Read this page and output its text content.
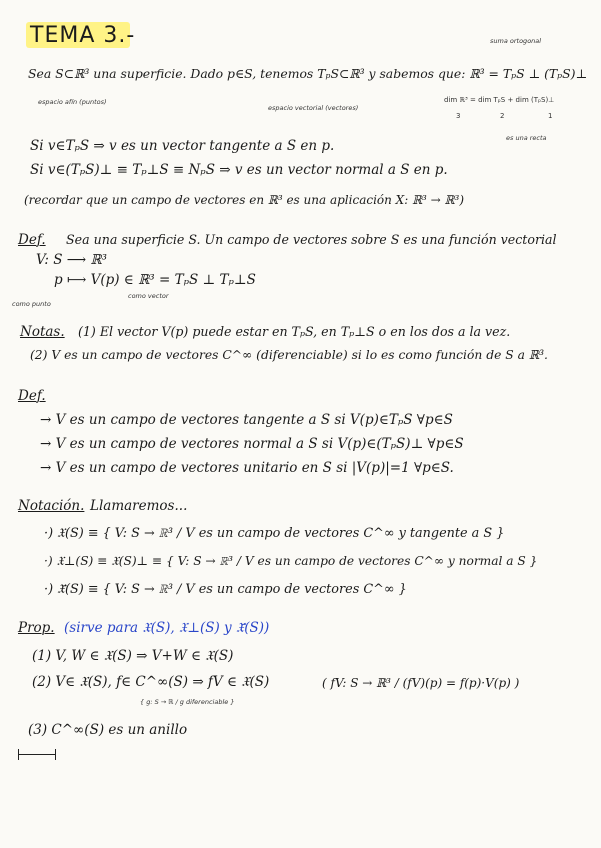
TEMA 3.-	suma ortogonal
Sea S⊂ℝ³ una superficie. Dado p∈S, tenemos TₚS⊂ℝ³ y sabemos que: ℝ³ = TₚS ⊥ (TₚS)⊥
espacio afín (puntos)
espacio vectorial (vectores)
dim ℝ³ = dim TₚS + dim (TₚS)⊥
3	2	1
es una recta
Si v∈TₚS ⇒ v es un vector tangente a S en p.
Si v∈(TₚS)⊥ ≡ Tₚ⊥S ≡ NₚS ⇒ v es un vector normal a S en p.
(recordar que un campo de vectores en ℝ³ es una aplicación X: ℝ³ → ℝ³)
Def. Sea una superficie S. Un campo de vectores sobre S es una función vectorial
V: S ⟶ ℝ³
p ⟼ V(p) ∈ ℝ³ = TₚS ⊥ Tₚ⊥S
como punto
como vector
Notas. (1) El vector V(p) puede estar en TₚS, en Tₚ⊥S o en los dos a la vez.
(2) V es un campo de vectores C^∞ (diferenciable) si lo es como función de S a ℝ³.
Def.
→ V es un campo de vectores tangente a S si V(p)∈TₚS ∀p∈S
→ V es un campo de vectores normal a S si V(p)∈(TₚS)⊥ ∀p∈S
→ V es un campo de vectores unitario en S si |V(p)|=1 ∀p∈S.
Notación. Llamaremos...
·) 𝔛(S) ≡ { V: S → ℝ³ / V es un campo de vectores C^∞ y tangente a S }
·) 𝔛⊥(S) ≡ 𝔛(S)⊥ ≡ { V: S → ℝ³ / V es un campo de vectores C^∞ y normal a S }
·) 𝔛̄(S) ≡ { V: S → ℝ³ / V es un campo de vectores C^∞ }
Prop. (sirve para 𝔛(S), 𝔛⊥(S) y 𝔛̄(S))
(1) V, W ∈ 𝔛(S) ⇒ V+W ∈ 𝔛(S)
(2) V∈ 𝔛(S), f∈ C^∞(S) ⇒ fV ∈ 𝔛(S)	( fV: S → ℝ³ / (fV)(p) = f(p)·V(p) )
{ g: S → ℝ / g diferenciable }
(3) C^∞(S) es un anillo
